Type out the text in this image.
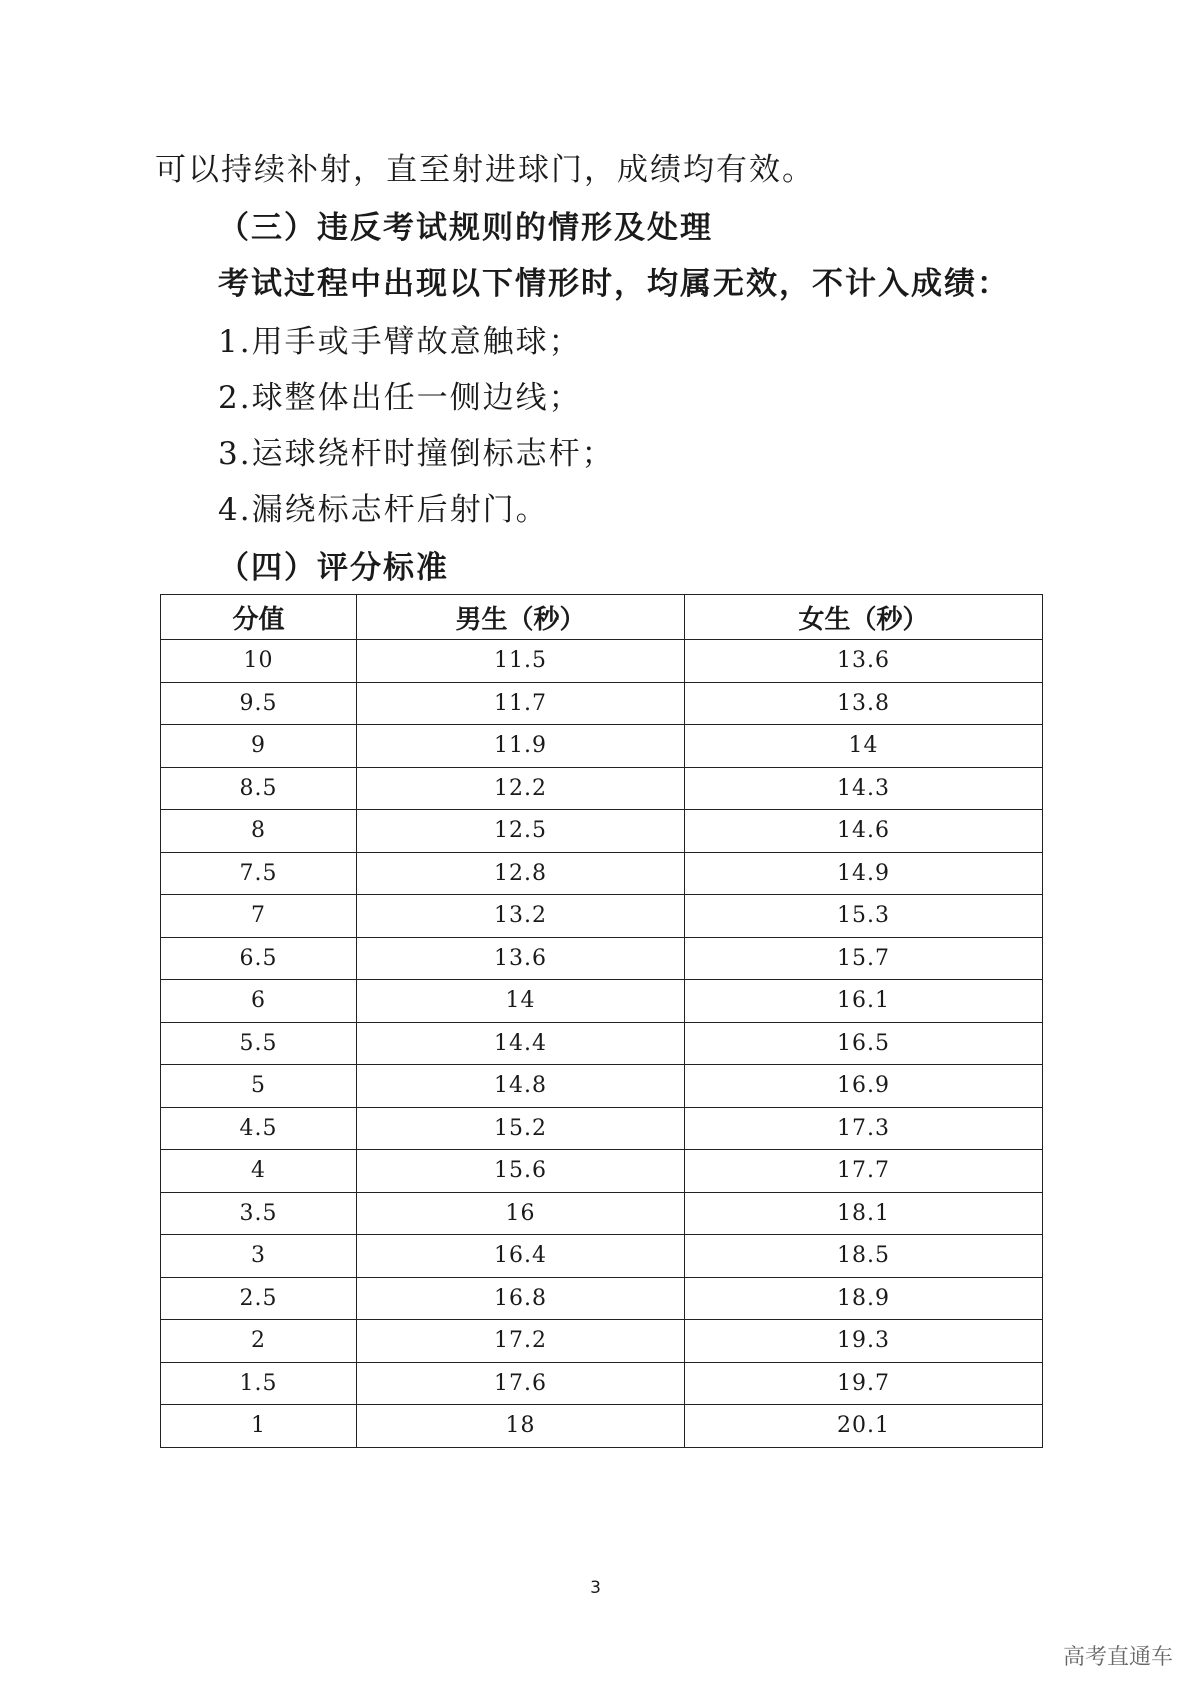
可以持续补射，直至射进球门，成绩均有效。
（三）违反考试规则的情形及处理
考试过程中出现以下情形时，均属无效，不计入成绩：
1.用手或手臂故意触球；
2.球整体出任一侧边线；
3.运球绕杆时撞倒标志杆；
4.漏绕标志杆后射门。
（四）评分标准
分值	男生（秒）	女生（秒）
10	11.5	13.6
9.5	11.7	13.8
9	11.9	14
8.5	12.2	14.3
8	12.5	14.6
7.5	12.8	14.9
7	13.2	15.3
6.5	13.6	15.7
6	14	16.1
5.5	14.4	16.5
5	14.8	16.9
4.5	15.2	17.3
4	15.6	17.7
3.5	16	18.1
3	16.4	18.5
2.5	16.8	18.9
2	17.2	19.3
1.5	17.6	19.7
1	18	20.1
3
高考直通车
